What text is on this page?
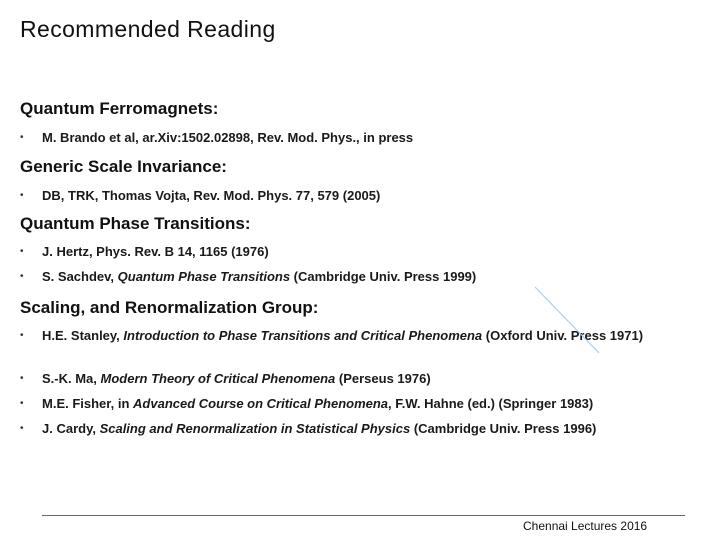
Recommended Reading
Quantum Ferromagnets:
• M. Brando et al, ar.Xiv:1502.02898, Rev. Mod. Phys., in press
Generic Scale Invariance:
• DB, TRK, Thomas Vojta, Rev. Mod. Phys. 77, 579 (2005)
Quantum Phase Transitions:
• J. Hertz, Phys. Rev. B 14, 1165 (1976)
• S. Sachdev, Quantum Phase Transitions (Cambridge Univ. Press 1999)
Scaling, and Renormalization Group:
• H.E. Stanley, Introduction to Phase Transitions and Critical Phenomena (Oxford Univ. Press 1971)
• S.-K. Ma, Modern Theory of Critical Phenomena (Perseus 1976)
• M.E. Fisher, in Advanced Course on Critical Phenomena, F.W. Hahne (ed.) (Springer 1983)
• J. Cardy, Scaling and Renormalization in Statistical Physics (Cambridge Univ. Press 1996)
Chennai Lectures 2016
